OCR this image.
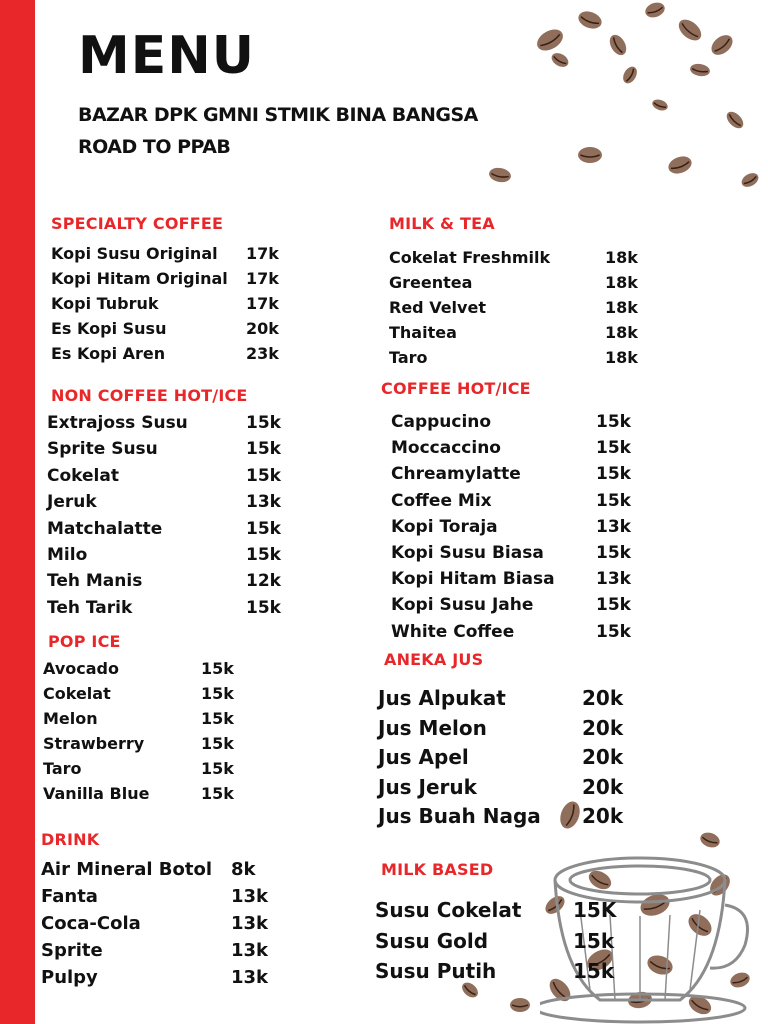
MENU
BAZAR DPK GMNI STMIK BINA BANGSA
ROAD TO PPAB
SPECIALTY COFFEE
Kopi Susu Original 17k
Kopi Hitam Original 17k
Kopi Tubruk	17k
Es Kopi Susu	20k
Es Kopi Aren	23k
NON COFFEE HOT/ICE
Extrajoss Susu	15k
Sprite Susu	15k
Cokelat	15k
Jeruk	13k
Matchalatte	15k
Milo	15k
Teh Manis	12k
Teh Tarik	15k
POP ICE
Avocado	15k
Cokelat	15k
Melon	15k
Strawberry	15k
Taro	15k
Vanilla Blue	15k
DRINK
Air Mineral Botol 8k
Fanta	13k
Coca-Cola	13k
Sprite	13k
Pulpy	13k
MILK & TEA
Cokelat Freshmilk	18k
Greentea	18k
Red Velvet	18k
Thaitea	18k
Taro	18k
COFFEE HOT/ICE
Cappucino	15k
Moccaccino	15k
Chreamylatte	15k
Coffee Mix	15k
Kopi Toraja	13k
Kopi Susu Biasa	15k
Kopi Hitam Biasa 13k
Kopi Susu Jahe	15k
White Coffee	15k
ANEKA JUS
Jus Alpukat	20k
Jus Melon	20k
Jus Apel	20k
Jus Jeruk	20k
Jus Buah Naga 20k
MILK BASED
Susu Cokelat	15K
Susu Gold	15k
Susu Putih	15k
